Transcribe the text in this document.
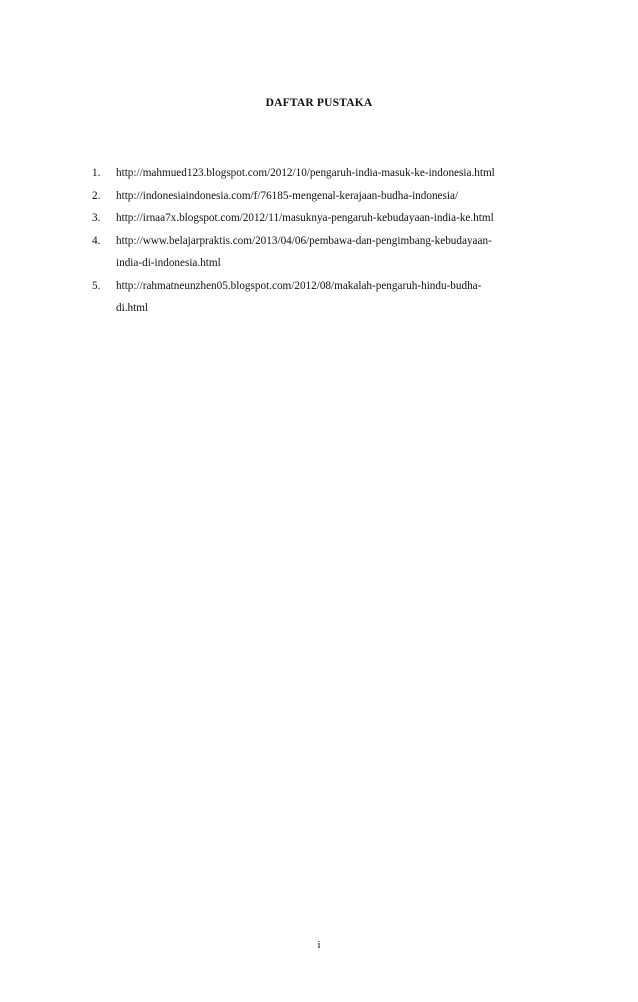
DAFTAR PUSTAKA
1. http://mahmued123.blogspot.com/2012/10/pengaruh-india-masuk-ke-indonesia.html
2. http://indonesiaindonesia.com/f/76185-mengenal-kerajaan-budha-indonesia/
3. http://irnaa7x.blogspot.com/2012/11/masuknya-pengaruh-kebudayaan-india-ke.html
4. http://www.belajarpraktis.com/2013/04/06/pembawa-dan-pengimbang-kebudayaan-
india-di-indonesia.html
5. http://rahmatneunzhen05.blogspot.com/2012/08/makalah-pengaruh-hindu-budha-
di.html
i
